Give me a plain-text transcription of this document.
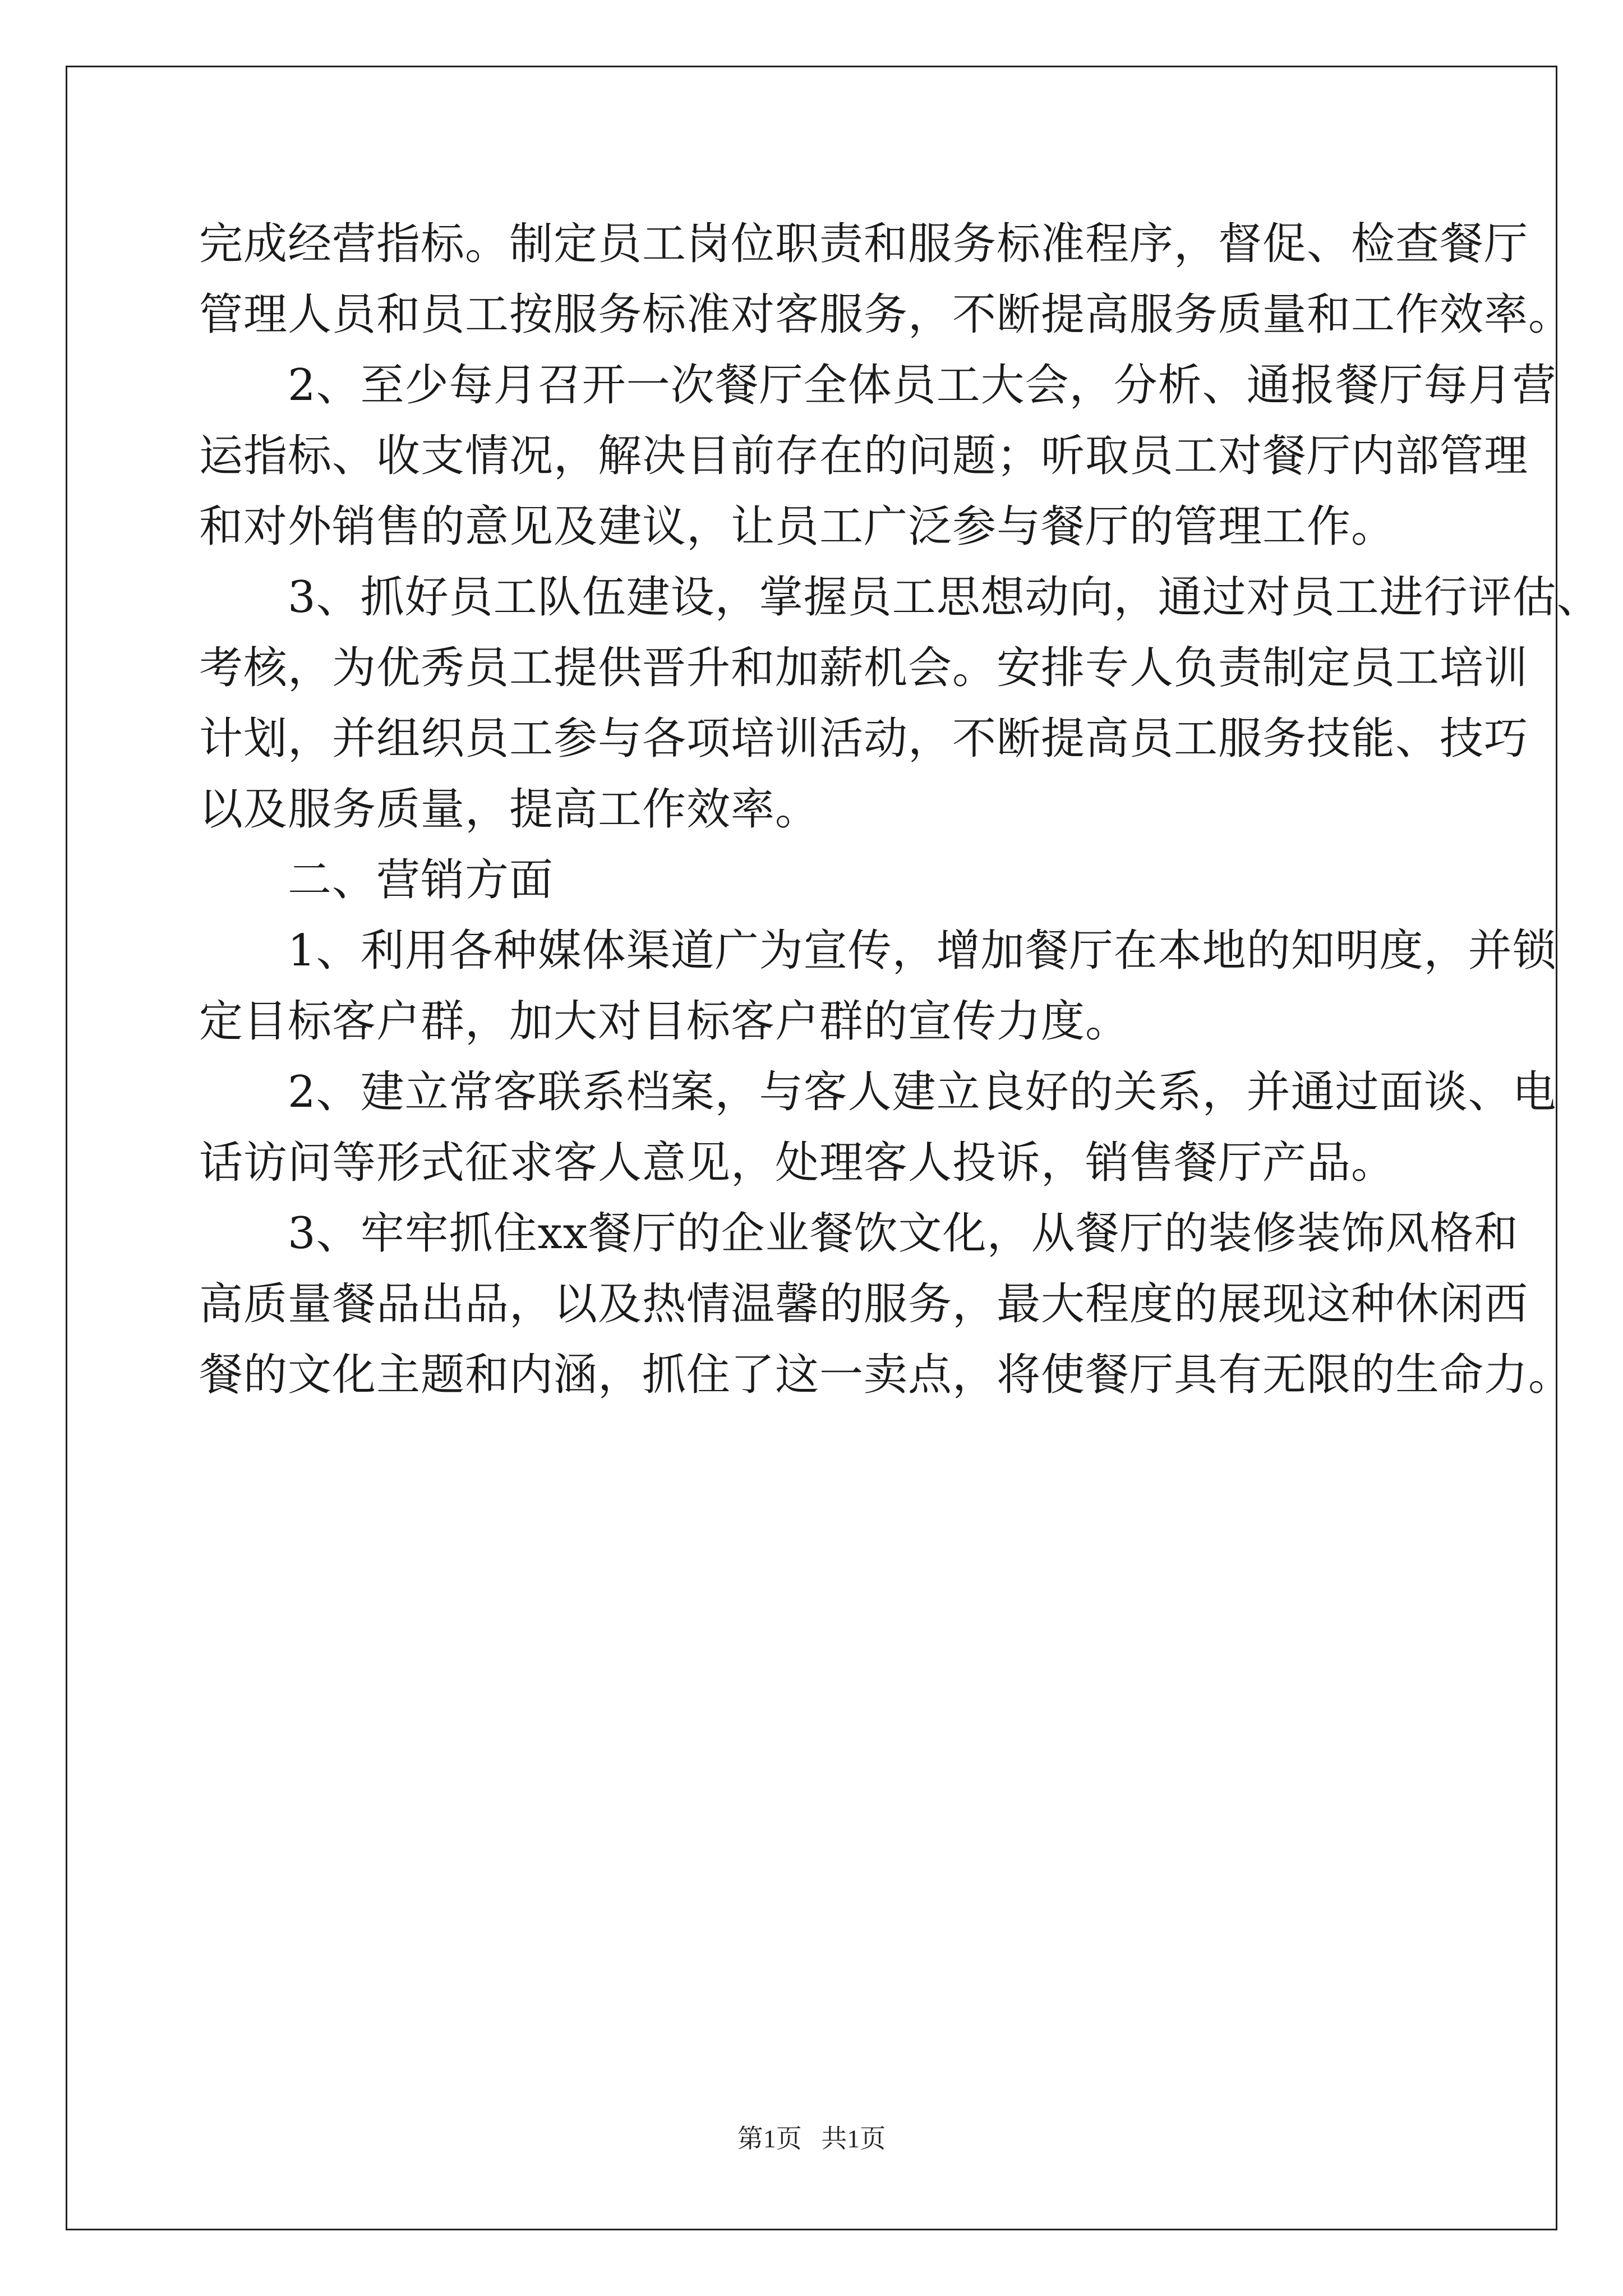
完成经营指标。制定员工岗位职责和服务标准程序，督促、检查餐厅
管理人员和员工按服务标准对客服务，不断提高服务质量和工作效率。
2、至少每月召开一次餐厅全体员工大会，分析、通报餐厅每月营
运指标、收支情况，解决目前存在的问题；听取员工对餐厅内部管理
和对外销售的意见及建议，让员工广泛参与餐厅的管理工作。
3、抓好员工队伍建设，掌握员工思想动向，通过对员工进行评估、
考核，为优秀员工提供晋升和加薪机会。安排专人负责制定员工培训
计划，并组织员工参与各项培训活动，不断提高员工服务技能、技巧
以及服务质量，提高工作效率。
二、营销方面
1、利用各种媒体渠道广为宣传，增加餐厅在本地的知明度，并锁
定目标客户群，加大对目标客户群的宣传力度。
2、建立常客联系档案，与客人建立良好的关系，并通过面谈、电
话访问等形式征求客人意见，处理客人投诉，销售餐厅产品。
3、牢牢抓住xx餐厅的企业餐饮文化，从餐厅的装修装饰风格和
高质量餐品出品，以及热情温馨的服务，最大程度的展现这种休闲西
餐的文化主题和内涵，抓住了这一卖点，将使餐厅具有无限的生命力。
第1页   共1页
